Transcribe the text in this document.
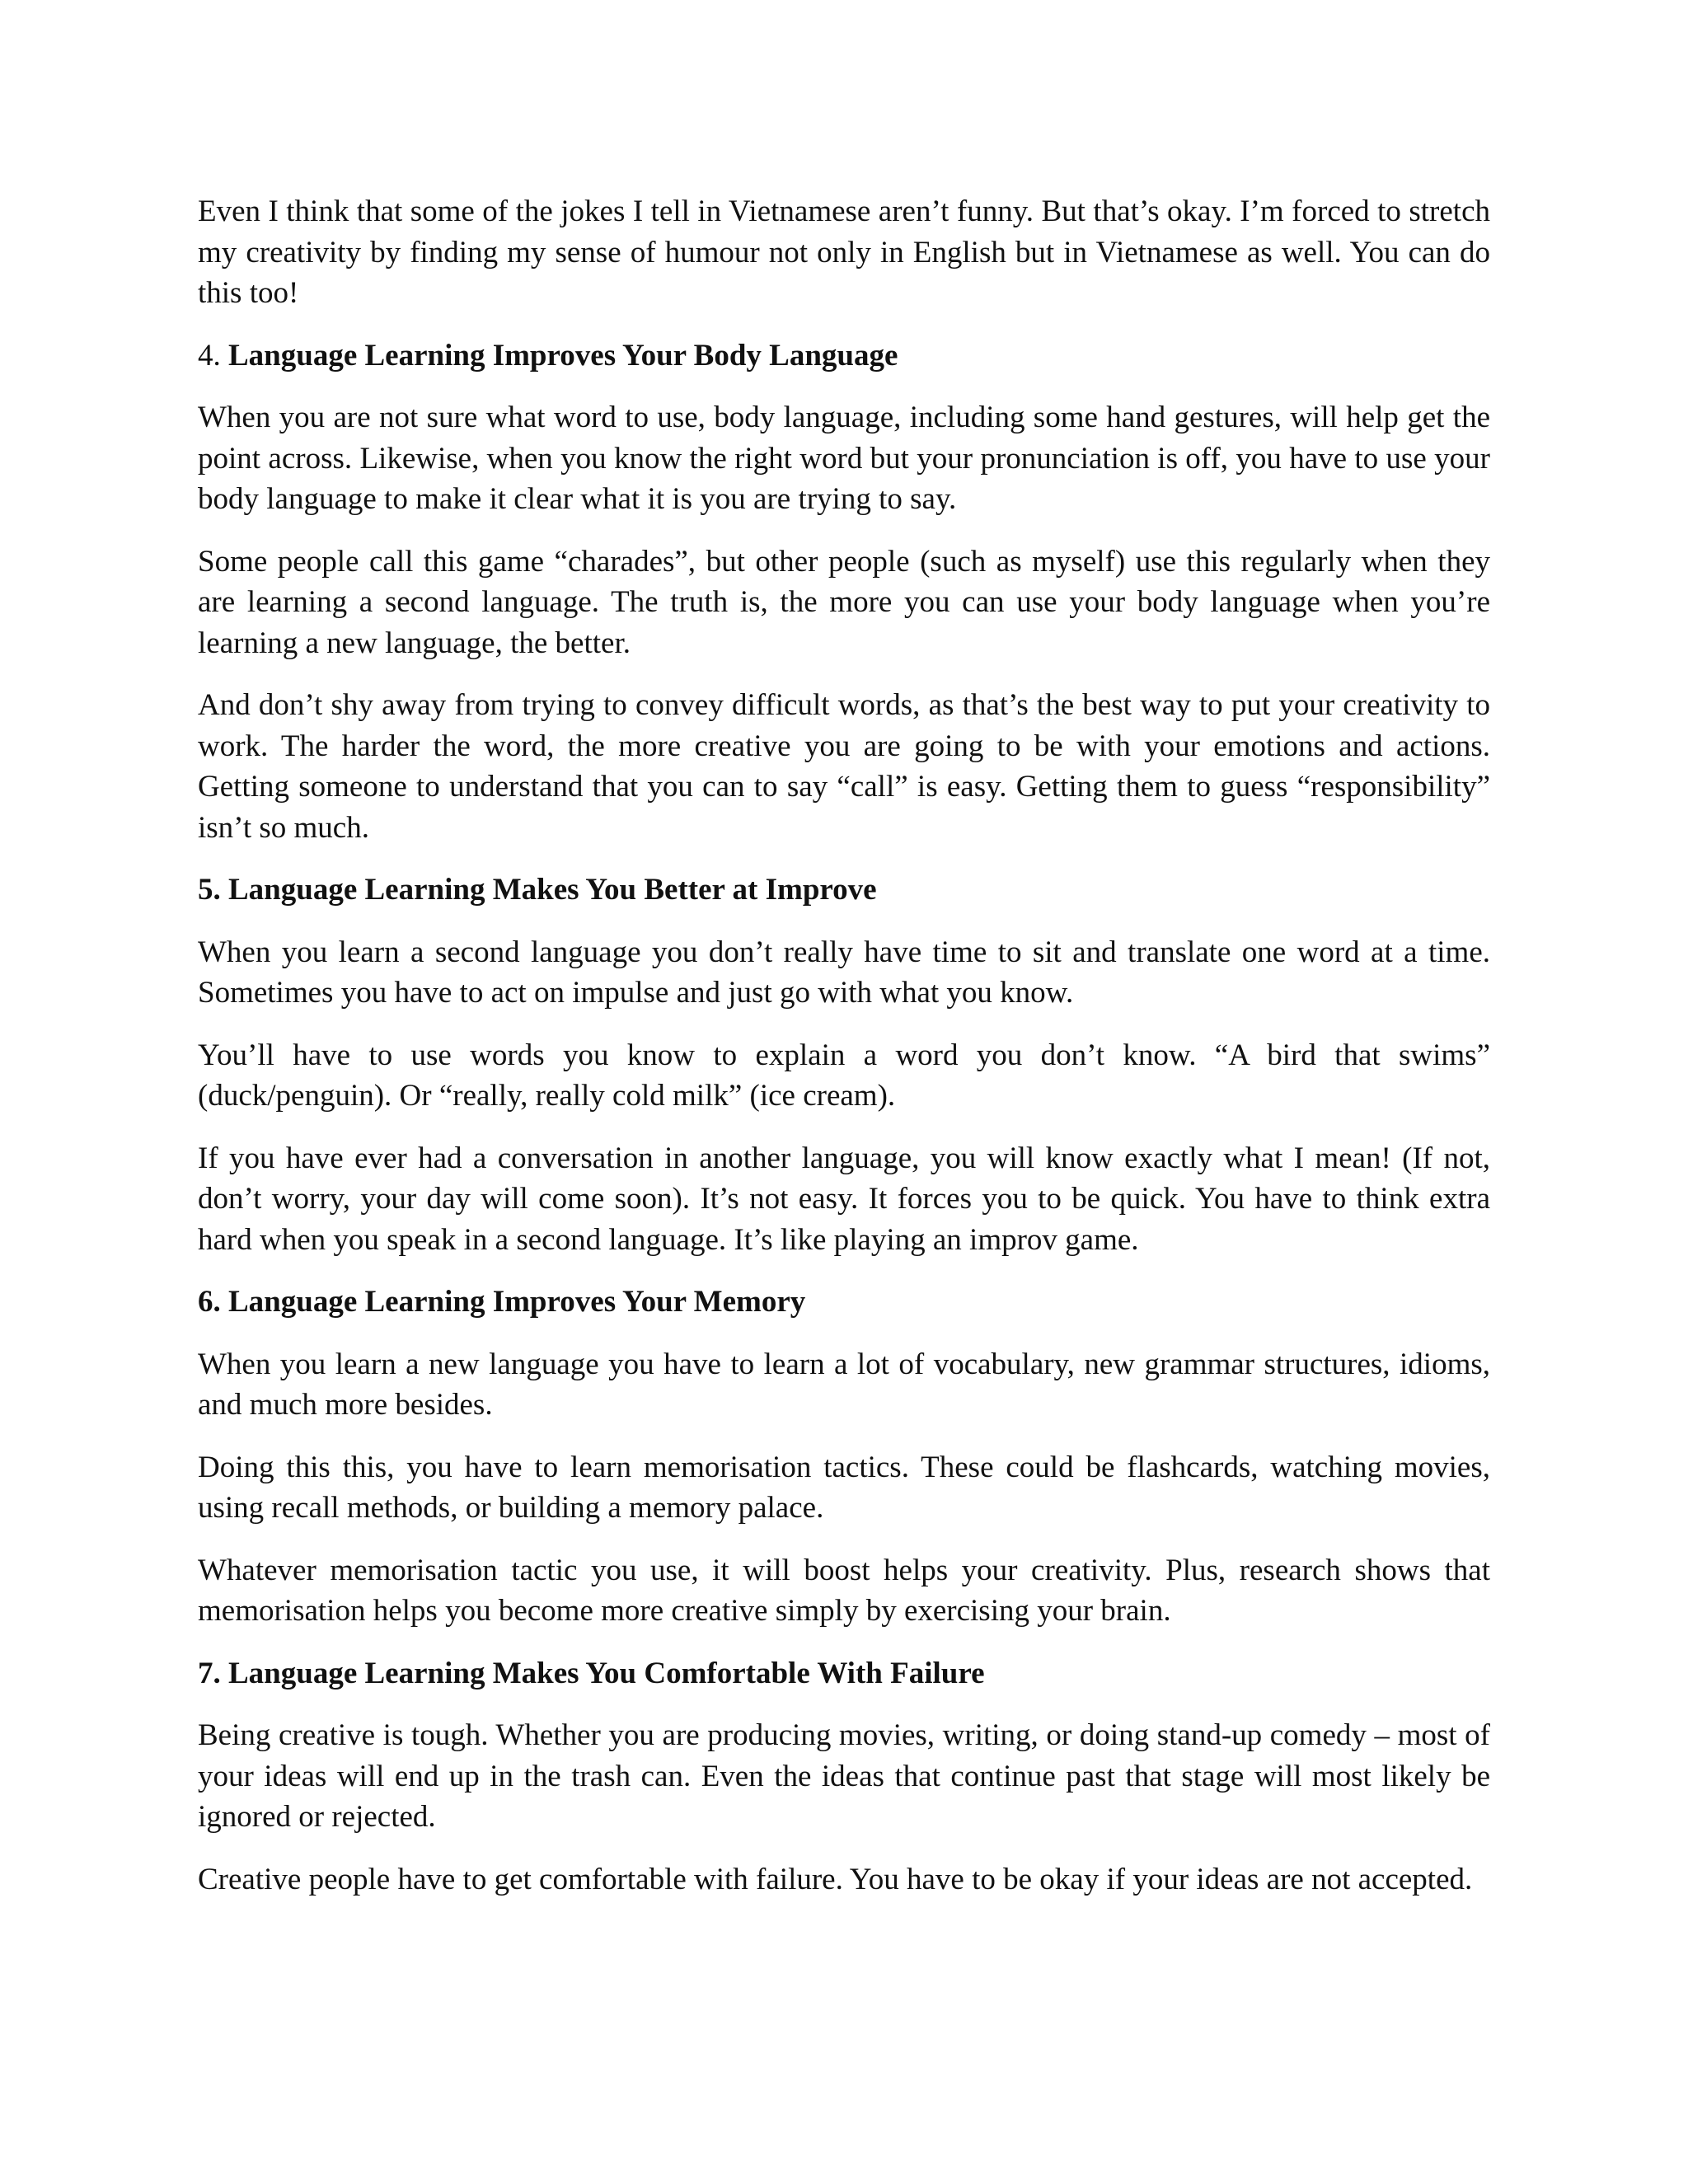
Even I think that some of the jokes I tell in Vietnamese aren’t funny. But that’s okay. I’m forced to stretch my creativity by finding my sense of humour not only in English but in Vietnamese as well. You can do this too!

4. Language Learning Improves Your Body Language

When you are not sure what word to use, body language, including some hand gestures, will help get the point across. Likewise, when you know the right word but your pronunciation is off, you have to use your body language to make it clear what it is you are trying to say.

Some people call this game “charades”, but other people (such as myself) use this regularly when they are learning a second language. The truth is, the more you can use your body language when you’re learning a new language, the better.

And don’t shy away from trying to convey difficult words, as that’s the best way to put your creativity to work. The harder the word, the more creative you are going to be with your emotions and actions. Getting someone to understand that you can to say “call” is easy. Getting them to guess “responsibility” isn’t so much.

5. Language Learning Makes You Better at Improve

When you learn a second language you don’t really have time to sit and translate one word at a time. Sometimes you have to act on impulse and just go with what you know.

You’ll have to use words you know to explain a word you don’t know. “A bird that swims” (duck/penguin). Or “really, really cold milk” (ice cream).

If you have ever had a conversation in another language, you will know exactly what I mean! (If not, don’t worry, your day will come soon). It’s not easy. It forces you to be quick. You have to think extra hard when you speak in a second language. It’s like playing an improv game.

6. Language Learning Improves Your Memory

When you learn a new language you have to learn a lot of vocabulary, new grammar structures, idioms, and much more besides.

Doing this this, you have to learn memorisation tactics. These could be flashcards, watching movies, using recall methods, or building a memory palace.

Whatever memorisation tactic you use, it will boost helps your creativity. Plus, research shows that memorisation helps you become more creative simply by exercising your brain.

7. Language Learning Makes You Comfortable With Failure

Being creative is tough. Whether you are producing movies, writing, or doing stand-up comedy – most of your ideas will end up in the trash can. Even the ideas that continue past that stage will most likely be ignored or rejected.

Creative people have to get comfortable with failure. You have to be okay if your ideas are not accepted.
